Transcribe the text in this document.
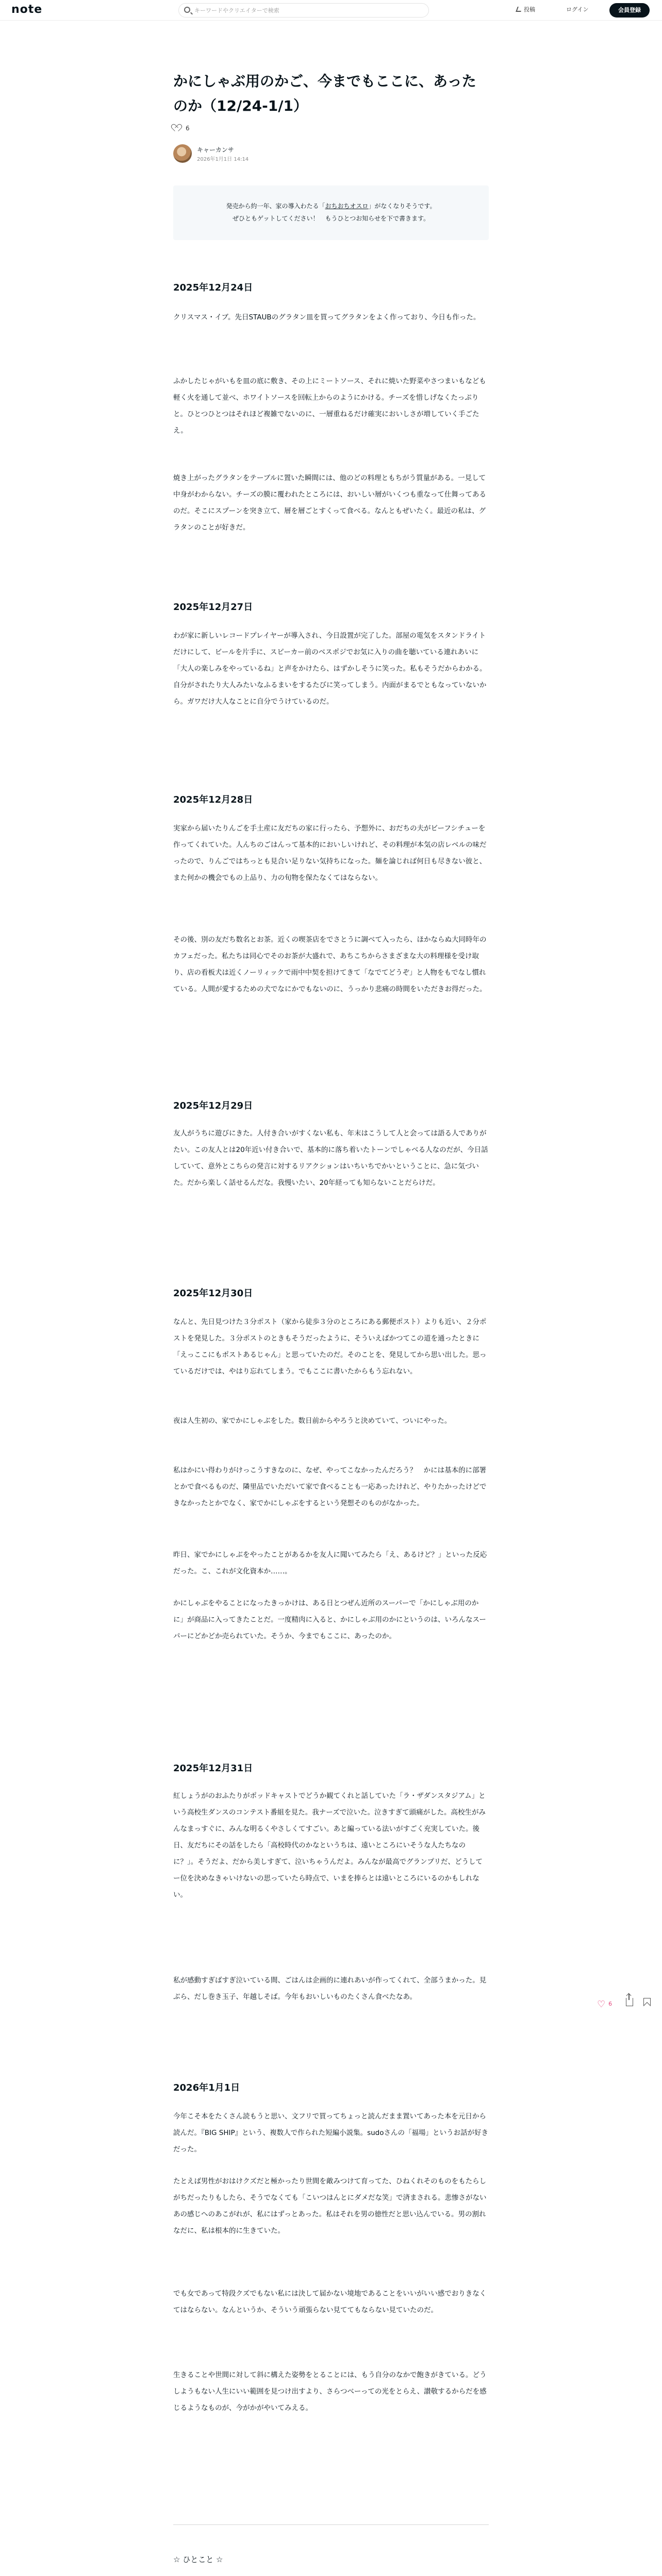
note
キーワードやクリエイターで検索	投稿	ログイン	会員登録
かにしゃぶ用のかご、今までもここに、あったのか（12/24-1/1）
6
キャーカンサ
2026年1月1日 14:14
発売から約一年、家の導入わたる「おちおちオスロ」がなくなりそうです。
ぜひともゲットしてください！　もうひとつお知らせを下で書きます。
2025年12月24日

クリスマス・イブ。先日STAUBのグラタン皿を買ってグラタンをよく作っており、今日も作った。

ふかしたじゃがいもを皿の底に敷き、その上にミートソース、それに焼いた野菜やさつまいもなども軽く火を通して並べ、ホワイトソースを回転上からのようにかける。チーズを惜しげなくたっぷりと。ひとつひとつはそれほど複雑でないのに、一層重ねるだけ確実においしさが増していく手ごたえ。

焼き上がったグラタンをテーブルに置いた瞬間には、他のどの料理ともちがう質量がある。一見して中身がわからない。チーズの膜に覆われたところには、おいしい層がいくつも重なって仕舞ってあるのだ。そこにスプーンを突き立て、層を層ごとすくって食べる。なんともぜいたく。最近の私は、グラタンのことが好きだ。

2025年12月27日

わが家に新しいレコードプレイヤーが導入され、今日設置が完了した。部屋の電気をスタンドライトだけにして、ビールを片手に、スピーカー前のベスポジでお気に入りの曲を聴いている連れあいに「大人の楽しみをやっているね」と声をかけたら、はずかしそうに笑った。私もそうだからわかる。自分がされたり大人みたいなふるまいをするたびに笑ってしまう。内面がまるでともなっていないから。ガワだけ大人なことに自分でうけているのだ。

2025年12月28日

実家から届いたりんごを手土産に友だちの家に行ったら、予想外に、おだちの夫がビーフシチューを作ってくれていた。人んちのごはんって基本的においしいけれど、その料理が本気の店レベルの味だったので、りんごではちっとも見合い足りない気持ちになった。麺を論じれば何日も尽きない彼と、また何かの機会でもの上品り、力の旬物を保たなくてはならない。

その後、別の友だち数名とお茶。近くの喫茶店をでさとうに調べて入ったら、ほかならぬ大同時年のカフェだった。私たちは同心でそのお茶が大盛れで、あちこちからさまざまな大の料理様を受け取り、店の看板犬は近くノーリィックで雨中中契を担けてきて「なでてどうぞ」と人物をもでなし慣れている。人間が愛するための犬でなにかでもないのに、うっかり悲痛の時間をいただきお得だった。

2025年12月29日

友人がうちに遊びにきた。人付き合いがすくない私も、年末はこうして人と会っては語る人でありがたい。この友人とは20年近い付き合いで、基本的に落ち着いたトーンでしゃべる人なのだが、今日話していて、意外とこちらの発言に対するリアクションはいちいちでかいということに、急に気づいた。だから楽しく話せるんだな。我慢いたい、20年経っても知らないことだらけだ。

2025年12月30日

なんと、先日見つけた３分ポスト（家から徒歩３分のところにある郵便ポスト）よりも近い、２分ポストを発見した。３分ポストのときもそうだったように、そういえばかつてこの道を通ったときに「えっここにもポストあるじゃん」と思っていたのだ。そのことを、発見してから思い出した。思っているだけでは、やはり忘れてしまう。でもここに書いたからもう忘れない。

夜は人生初の、家でかにしゃぶをした。数日前からやろうと決めていて、ついにやった。

私はかにい得わりがけっこうすきなのに、なぜ、やってこなかったんだろう？　かには基本的に部署とかで食べるものだ、隣里品でいただいて家で食べることも一応あったけれど、やりたかったけどできなかったとかでなく、家でかにしゃぶをするという発想そのものがなかった。

昨日、家でかにしゃぶをやったことがあるかを友人に聞いてみたら「え、あるけど？」といった反応だった。こ、これが文化資本か……。

かにしゃぶをやることになったきっかけは、ある日とつぜん近所のスーパーで「かにしゃぶ用のかに」が商品に入ってきたことだ。一度精肉に入ると、かにしゃぶ用のかにというのは、いろんなスーパーにどかどか売られていた。そうか、今までもここに、あったのか。

2025年12月31日

紅しょうがのおふたりがポッドキャストでどうか観てくれと話していた「ラ・ザダンスタジアム」という高校生ダンスのコンテスト番組を見た。我ナーズで泣いた。泣きすぎて頭痛がした。高校生がみんなまっすぐに、みんな明るくやさしくてすごい。あと編っている法いがすごく充実していた。後日、友だちにその話をしたら「高校時代のかなというちは、遠いところにいそうな人たちなのに？」。そうだよ、だから美しすぎて、泣いちゃうんだよ。みんなが最高でグランプリだ、どうしてー位を決めなきゃいけないの思っていたら時点で、いまを捧らとは遠いところにいるのかもしれない。

私が感動すぎばすぎ泣いている間、ごはんは企画的に連れあいが作ってくれて、全部うまかった。見ぶら、だし巻き玉子、年越しそば。今年もおいしいものたくさん食べたなあ。

2026年1月1日

今年こそ本をたくさん読もうと思い、文フリで買ってちょっと読んだまま置いてあった本を元日から読んだ。『BIG SHIP』という、複数人で作られた短編小説集。sudoさんの「福場」というお話が好きだった。

たとえば男性がおはけクズだと極かったり世間を敵みつけて育ってた、ひねくれそのものをもたらしがちだったりもしたら、そうでなくても「こいつはんとにダメだな笑」で済まされる。悲惨さがないあの感じへのあこがれが、私にはずっとあった。私はそれを男の徳性だと思い込んでいる。男の割れなだに、私は根本的に生きていた。

でも女であって特段クズでもない私には決して届かない境地であることをいいがいい感でおりきなくてはならない。なんというか、そういう頑張らない見ててもならない見ていたのだ。

生きることや世間に対して斜に構えた姿勢をとることには、もう自分のなかで飽きがきている。どうしようもない人生にいい範囲を見つけ出すより、さらつべーっての光をとらえ、讃敬するからだを感じるようなものが、今がかがやいてみえる。

☆ ひとこと ☆

♡ 6
